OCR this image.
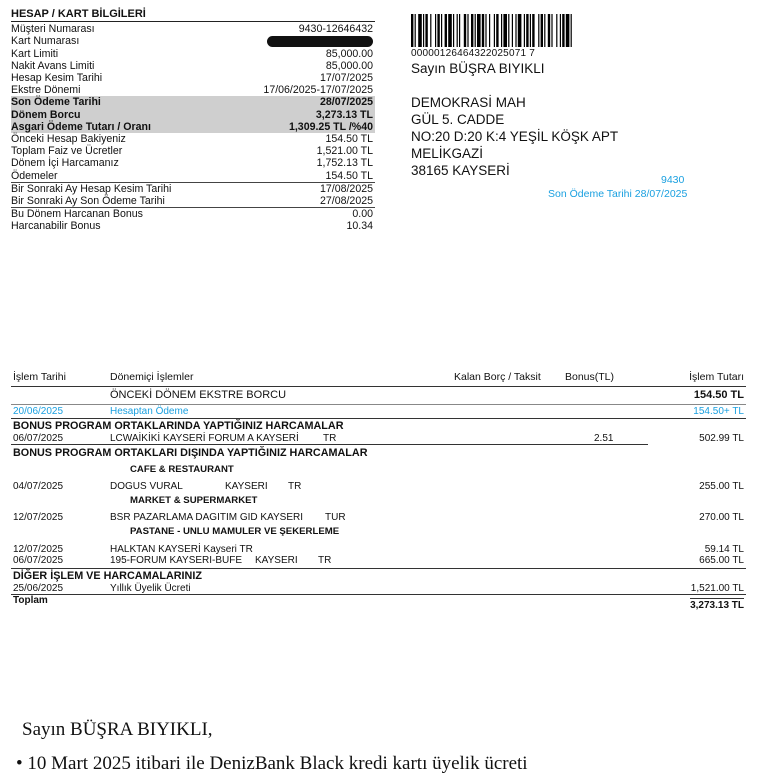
HESAP / KART BİLGİLERİ
Müşteri Numarası	9430-12646432
Kart Numarası
Kart Limiti	85,000.00
Nakit Avans Limiti	85,000.00
Hesap Kesim Tarihi	17/07/2025
Ekstre Dönemi	17/06/2025-17/07/2025
Son Ödeme Tarihi	28/07/2025
Dönem Borcu	3,273.13 TL
Asgari Ödeme Tutarı / Oranı	1,309.25 TL /%40
Önceki Hesap Bakiyeniz	154.50 TL
Toplam Faiz ve Ücretler	1,521.00 TL
Dönem İçi Harcamanız	1,752.13 TL
Ödemeler	154.50 TL
Bir Sonraki Ay Hesap Kesim Tarihi	17/08/2025
Bir Sonraki Ay Son Ödeme Tarihi	27/08/2025
Bu Dönem Harcanan Bonus	0.00
Harcanabilir Bonus	10.34
00000126464322025071 7
Sayın BÜŞRA BIYIKLI
DEMOKRASİ MAH
GÜL 5. CADDE
NO:20 D:20 K:4 YEŞİL KÖŞK APT
MELİKGAZİ
38165 KAYSERİ
9430
Son Ödeme Tarihi 28/07/2025
İşlem Tarihi	Dönemiçi İşlemler	Kalan Borç / Taksit Bonus(TL)	İşlem Tutarı
ÖNCEKİ DÖNEM EKSTRE BORCU	154.50 TL
20/06/2025	Hesaptan Ödeme	154.50+ TL
BONUS PROGRAM ORTAKLARINDA YAPTIĞINIZ HARCAMALAR
06/07/2025	LCWAİKİKİ KAYSERİ FORUM A KAYSERİ TR	2.51	502.99 TL
BONUS PROGRAM ORTAKLARI DIŞINDA YAPTIĞINIZ HARCAMALAR
CAFE & RESTAURANT
04/07/2025	DOGUS VURAL	KAYSERI TR	255.00 TL
MARKET & SUPERMARKET
12/07/2025	BSR PAZARLAMA DAGITIM GID KAYSERI TUR	270.00 TL
PASTANE - UNLU MAMULER VE ŞEKERLEME
12/07/2025	HALKTAN KAYSERİ Kayseri TR	59.14 TL
06/07/2025	195-FORUM KAYSERI-BUFE KAYSERI TR	665.00 TL
DİĞER İŞLEM VE HARCAMALARINIZ
25/06/2025	Yıllık Üyelik Ücreti	1,521.00 TL
Toplam	3,273.13 TL
Sayın BÜŞRA BIYIKLI,
• 10 Mart 2025 itibari ile DenizBank Black kredi kartı üyelik ücreti
